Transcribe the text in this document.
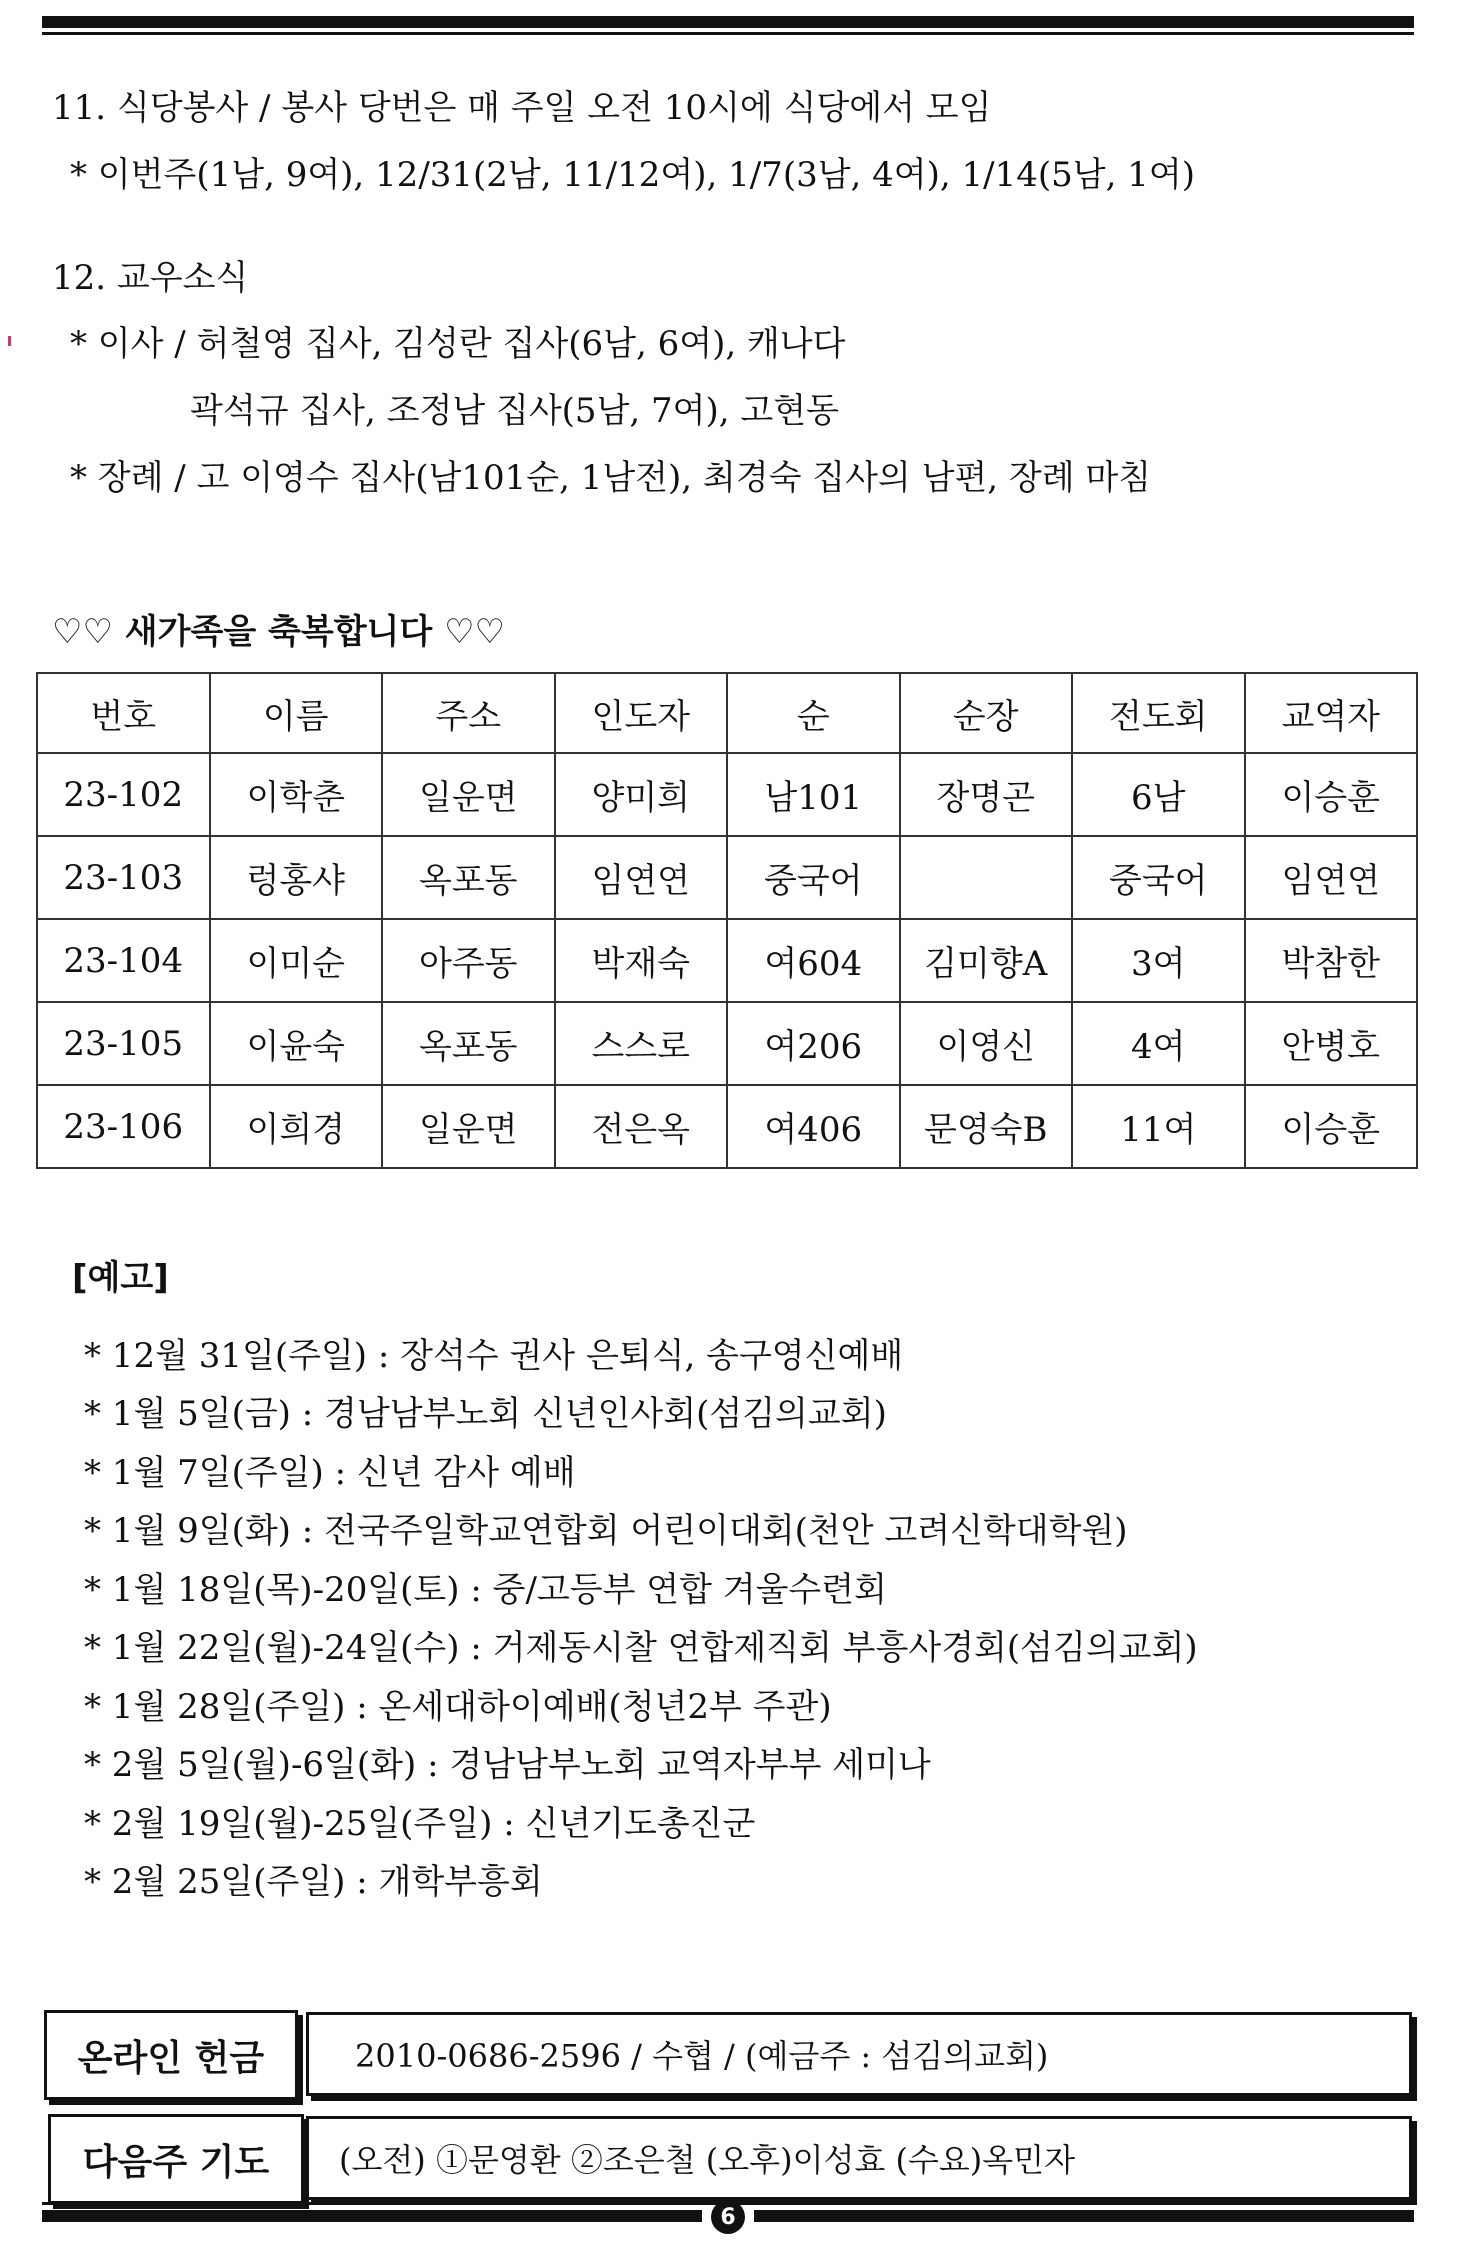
11. 식당봉사 / 봉사 당번은 매 주일 오전 10시에 식당에서 모임
* 이번주(1남, 9여), 12/31(2남, 11/12여), 1/7(3남, 4여), 1/14(5남, 1여)
12. 교우소식
* 이사 / 허철영 집사, 김성란 집사(6남, 6여), 캐나다
곽석규 집사, 조정남 집사(5남, 7여), 고현동
* 장례 / 고 이영수 집사(남101순, 1남전), 최경숙 집사의 남편, 장례 마침
♡♡ 새가족을 축복합니다 ♡♡
번호	이름	주소	인도자	순	순장	전도회	교역자
23-102	이학춘	일운면	양미희	남101	장명곤	6남	이승훈
23-103	렁홍샤	옥포동	임연연	중국어		중국어	임연연
23-104	이미순	아주동	박재숙	여604	김미향A	3여	박참한
23-105	이윤숙	옥포동	스스로	여206	이영신	4여	안병호
23-106	이희경	일운면	전은옥	여406	문영숙B	11여	이승훈
[예고]
* 12월 31일(주일) : 장석수 권사 은퇴식, 송구영신예배
* 1월 5일(금) : 경남남부노회 신년인사회(섬김의교회)
* 1월 7일(주일) : 신년 감사 예배
* 1월 9일(화) : 전국주일학교연합회 어린이대회(천안 고려신학대학원)
* 1월 18일(목)-20일(토) : 중/고등부 연합 겨울수련회
* 1월 22일(월)-24일(수) : 거제동시찰 연합제직회 부흥사경회(섬김의교회)
* 1월 28일(주일) : 온세대하이예배(청년2부 주관)
* 2월 5일(월)-6일(화) : 경남남부노회 교역자부부 세미나
* 2월 19일(월)-25일(주일) : 신년기도총진군
* 2월 25일(주일) : 개학부흥회
온라인 헌금	2010-0686-2596 / 수협 / (예금주 : 섬김의교회)
다음주 기도	(오전) ①문영환 ②조은철 (오후)이성효 (수요)옥민자
6
